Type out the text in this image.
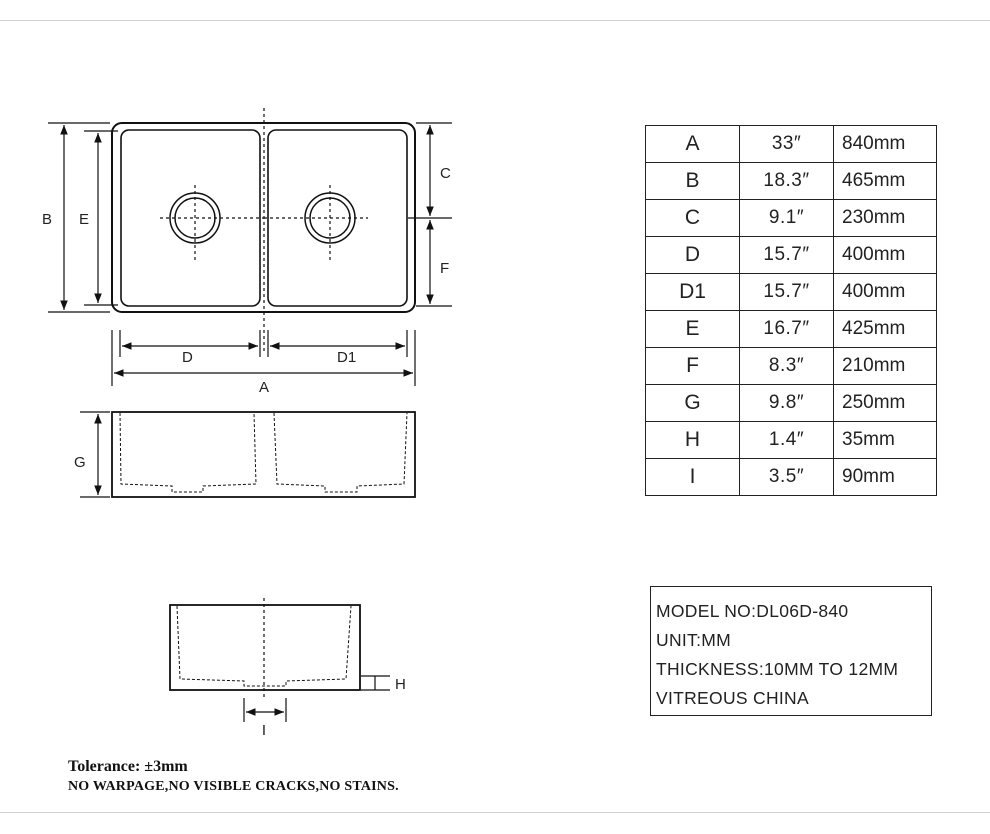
B E
C
F
D	D1
A
G
H
I
A	33″	840mm
B	18.3″	465mm
C	9.1″	230mm
D	15.7″	400mm
D1	15.7″	400mm
E	16.7″	425mm
F	8.3″	210mm
G	9.8″	250mm
H	1.4″	35mm
I	3.5″	90mm
MODEL NO:DL06D-840
UNIT:MM
THICKNESS:10MM TO 12MM
VITREOUS CHINA
Tolerance: ±3mm
NO WARPAGE,NO VISIBLE CRACKS,NO STAINS.
